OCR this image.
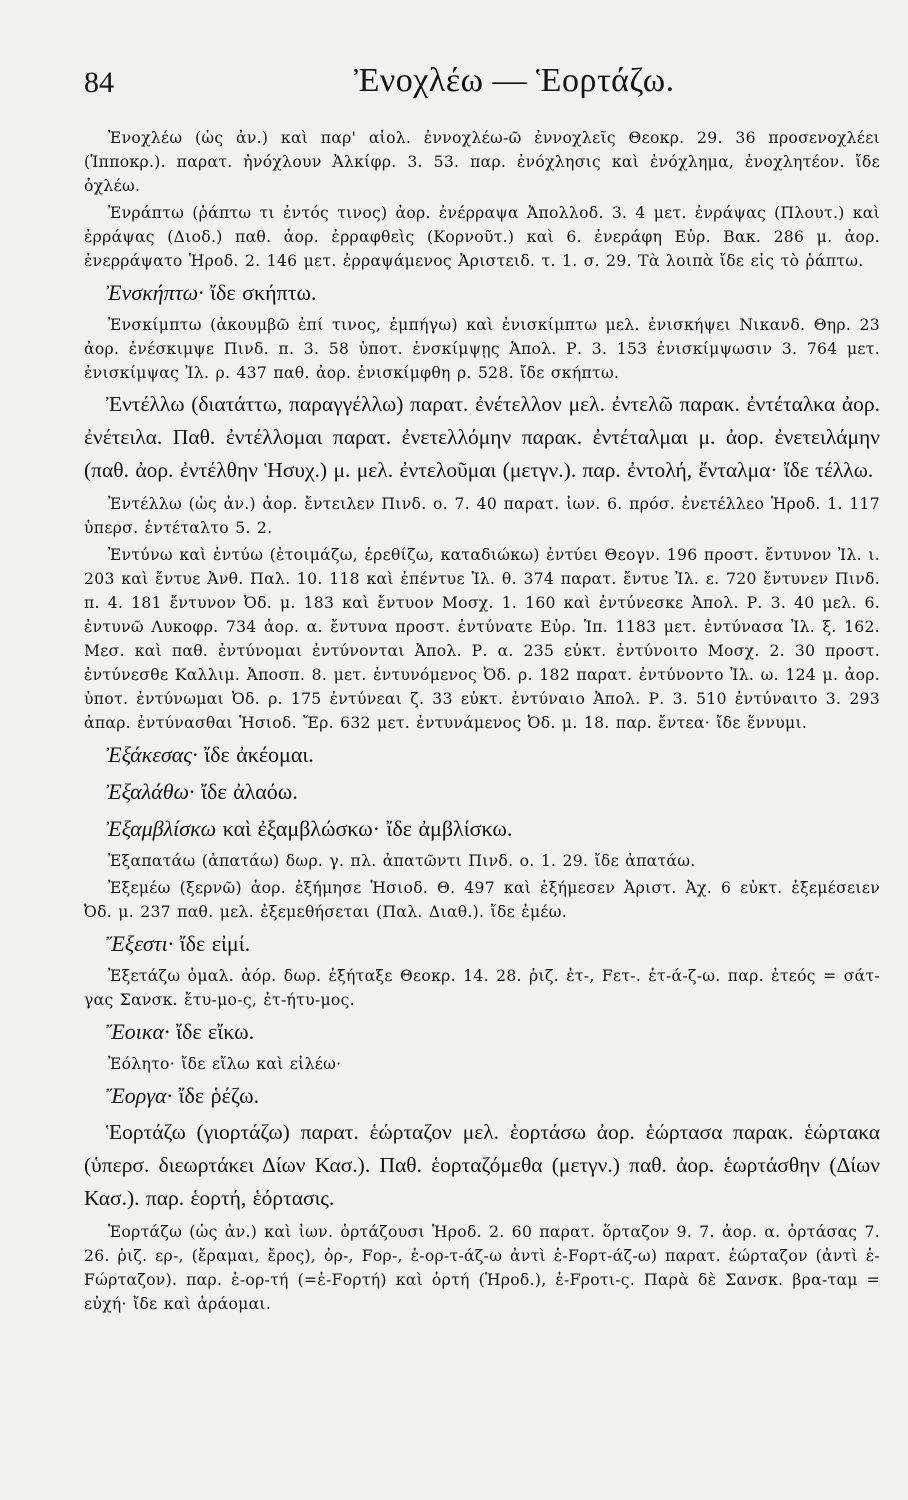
84	Ἐνοχλέω — Ἑορτάζω.

Ἐνοχλέω (ὡς ἀν.) καὶ παρ' αἰολ. ἐννοχλέω-ῶ ἐννοχλεῖς Θεοκρ. 29. 36 προσενοχλέει (Ἱπποκρ.). παρατ. ἠνόχλουν Ἀλκίφρ. 3. 53. παρ. ἐνόχλησις καὶ ἐνόχλημα, ἐνοχλητέον. ἴδε ὀχλέω.

Ἐνράπτω (ῥάπτω τι ἐντός τινος) ἀορ. ἐνέρραψα Ἀπολλοδ. 3. 4 μετ. ἐνράψας (Πλουτ.) καὶ ἐρράψας (Διοδ.) παθ. ἀορ. ἐρραφθεὶς (Κορνοῦτ.) καὶ 6. ἐνεράφη Εὐρ. Βακ. 286 μ. ἀορ. ἐνερράψατο Ἡροδ. 2. 146 μετ. ἐρραψάμενος Ἀριστειδ. τ. 1. σ. 29. Τὰ λοιπὰ ἴδε εἰς τὸ ῥάπτω.

Ἐνσκήπτω· ἴδε σκήπτω.

Ἐνσκίμπτω (ἀκουμβῶ ἐπί τινος, ἐμπήγω) καὶ ἐνισκίμπτω μελ. ἐνισκήψει Νικανδ. Θηρ. 23 ἀορ. ἐνέσκιμψε Πινδ. π. 3. 58 ὑποτ. ἐνσκίμψῃς Ἀπολ. Ρ. 3. 153 ἐνισκίμψωσιν 3. 764 μετ. ἐνισκίμψας Ἰλ. ρ. 437 παθ. ἀορ. ἐνισκίμφθη ρ. 528. ἴδε σκήπτω.

Ἐντέλλω (διατάττω, παραγγέλλω) παρατ. ἐνέτελλον μελ. ἐντελῶ παρακ. ἐντέταλκα ἀορ. ἐνέτειλα. Παθ. ἐντέλλομαι παρατ. ἐνετελλόμην παρακ. ἐντέταλμαι μ. ἀορ. ἐνετειλάμην (παθ. ἀορ. ἐντέλθην Ἡσυχ.) μ. μελ. ἐντελοῦμαι (μετγν.). παρ. ἐντολή, ἔνταλμα· ἴδε τέλλω.

Ἐντέλλω (ὡς ἀν.) ἀορ. ἔντειλεν Πινδ. ο. 7. 40 παρατ. ἰων. 6. πρόσ. ἐνετέλλεο Ἡροδ. 1. 117 ὑπερσ. ἐντέταλτο 5. 2.

Ἐντύνω καὶ ἐντύω (ἑτοιμάζω, ἐρεθίζω, καταδιώκω) ἐντύει Θεογν. 196 προστ. ἔντυνον Ἰλ. ι. 203 καὶ ἔντυε Ἀνθ. Παλ. 10. 118 καὶ ἐπέντυε Ἰλ. θ. 374 παρατ. ἔντυε Ἰλ. ε. 720 ἔντυνεν Πινδ. π. 4. 181 ἔντυνον Ὀδ. μ. 183 καὶ ἔντυον Μοσχ. 1. 160 καὶ ἐντύνεσκε Ἀπολ. Ρ. 3. 40 μελ. 6. ἐντυνῶ Λυκοφρ. 734 ἀορ. α. ἔντυνα προστ. ἐντύνατε Εὐρ. Ἱπ. 1183 μετ. ἐντύνασα Ἰλ. ξ. 162. Μεσ. καὶ παθ. ἐντύνομαι ἐντύνονται Ἀπολ. Ρ. α. 235 εὐκτ. ἐντύνοιτο Μοσχ. 2. 30 προστ. ἐντύνεσθε Καλλιμ. Ἀποσπ. 8. μετ. ἐντυνόμενος Ὀδ. ρ. 182 παρατ. ἐντύνοντο Ἰλ. ω. 124 μ. ἀορ. ὑποτ. ἐντύνωμαι Ὀδ. ρ. 175 ἐντύνεαι ζ. 33 εὐκτ. ἐντύναιο Ἀπολ. Ρ. 3. 510 ἐντύναιτο 3. 293 ἀπαρ. ἐντύνασθαι Ἡσιοδ. Ἔρ. 632 μετ. ἐντυνάμενος Ὀδ. μ. 18. παρ. ἔντεα· ἴδε ἕννυμι.

Ἐξάκεσας· ἴδε ἀκέομαι.

Ἐξαλάθω· ἴδε ἀλαόω.

Ἐξαμβλίσκω καὶ ἐξαμβλώσκω· ἴδε ἀμβλίσκω.

Ἐξαπατάω (ἀπατάω) δωρ. γ. πλ. ἀπατῶντι Πινδ. ο. 1. 29. ἴδε ἀπατάω.

Ἐξεμέω (ξερνῶ) ἀορ. ἐξήμησε Ἡσιοδ. Θ. 497 καὶ ἐξήμεσεν Ἀριστ. Ἀχ. 6 εὐκτ. ἐξεμέσειεν Ὀδ. μ. 237 παθ. μελ. ἐξεμεθήσεται (Παλ. Διαθ.). ἴδε ἐμέω.

Ἔξεστι· ἴδε εἰμί.

Ἐξετάζω ὁμαλ. ἀόρ. δωρ. ἐξήταξε Θεοκρ. 14. 28. ῥιζ. ἐτ-, Fετ-. ἐτ-ά-ζ-ω. παρ. ἐτεός = σάτ-γας Σανσκ. ἔτυ-μο-ς, ἐτ-ήτυ-μος.

Ἔοικα· ἴδε εἴκω.

Ἐόλητο· ἴδε εἴλω καὶ εἰλέω·

Ἔοργα· ἴδε ῥέζω.

Ἑορτάζω (γιορτάζω) παρατ. ἑώρταζον μελ. ἑορτάσω ἀορ. ἑώρτασα παρακ. ἑώρτακα (ὑπερσ. διεωρτάκει Δίων Κασ.). Παθ. ἑορταζόμεθα (μετγν.) παθ. ἀορ. ἑωρτάσθην (Δίων Κασ.). παρ. ἑορτή, ἑόρτασις.

Ἑορτάζω (ὡς ἀν.) καὶ ἰων. ὁρτάζουσι Ἡροδ. 2. 60 παρατ. ὅρταζον 9. 7. ἀορ. α. ὁρτάσας 7. 26. ῥιζ. ερ-, (ἔραμαι, ἔρος), ὀρ-, Fορ-, ἑ-ορ-τ-άζ-ω ἀντὶ ἑ-Fορτ-άζ-ω) παρατ. ἑώρταζον (ἀντὶ ἑ-Fώρταζον). παρ. ἑ-ορ-τή (=ἑ-Fορτή) καὶ ὀρτή (Ἡροδ.), ἑ-Fροτι-ς. Παρὰ δὲ Σανσκ. βρα-ταμ = εὐχή· ἴδε καὶ ἀράομαι.
